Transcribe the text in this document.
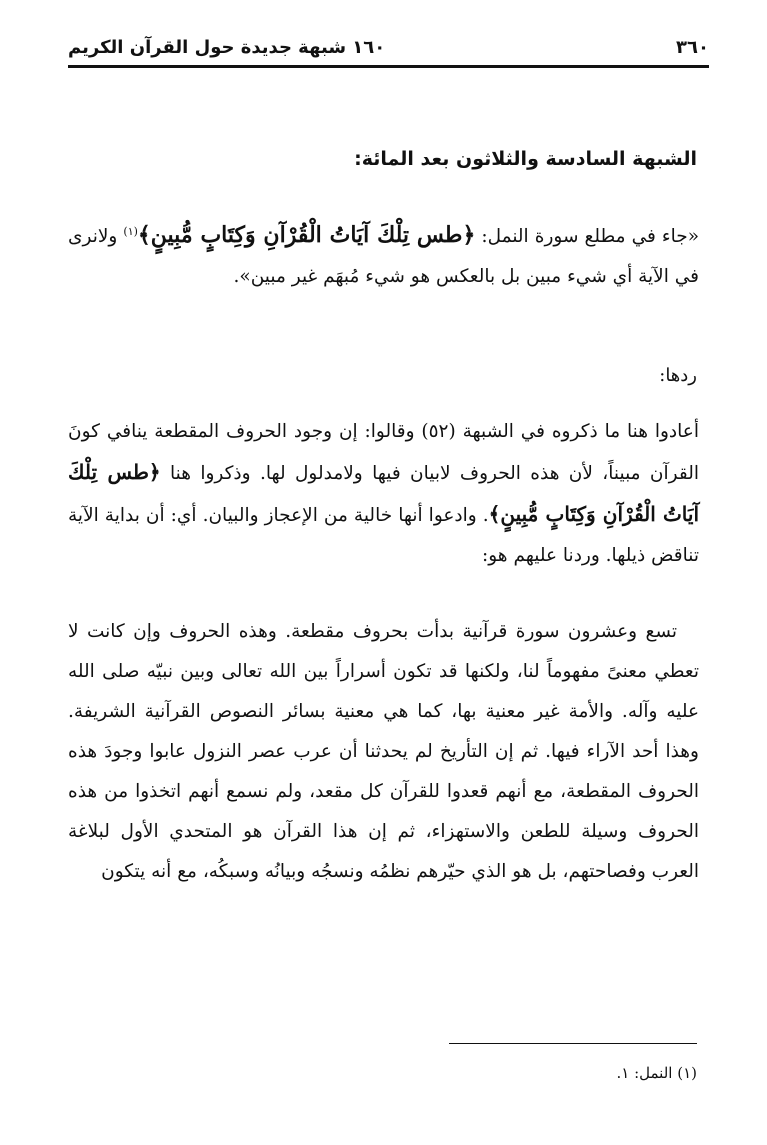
٣٦٠
١٦٠ شبهة جديدة حول القرآن الكريم
الشبهة السادسة والثلاثون بعد المائة:
«جاء في مطلع سورة النمل: ﴿طس تِلْكَ آيَاتُ الْقُرْآنِ وَكِتَابٍ مُّبِينٍ﴾$^{(١)}$ ولانرى في الآية أي شيء مبين بل بالعكس هو شيء مُبهَم غير مبين».
ردها:
أعادوا هنا ما ذكروه في الشبهة (٥٢) وقالوا: إن وجود الحروف المقطعة ينافي كونَ القرآن مبيناً، لأن هذه الحروف لابيان فيها ولامدلول لها. وذكروا هنا ﴿طس تِلْكَ آيَاتُ الْقُرْآنِ وَكِتَابٍ مُّبِينٍ﴾. وادعوا أنها خالية من الإعجاز والبيان. أي: أن بداية الآية تناقض ذيلها. وردنا عليهم هو:
تسع وعشرون سورة قرآنية بدأت بحروف مقطعة. وهذه الحروف وإن كانت لا تعطي معنىً مفهوماً لنا، ولكنها قد تكون أسراراً بين الله تعالى وبين نبيّه صلى الله عليه وآله. والأمة غير معنية بها، كما هي معنية بسائر النصوص القرآنية الشريفة. وهذا أحد الآراء فيها. ثم إن التأريخ لم يحدثنا أن عرب عصر النزول عابوا وجودَ هذه الحروف المقطعة، مع أنهم قعدوا للقرآن كل مقعد، ولم نسمع أنهم اتخذوا من هذه الحروف وسيلة للطعن والاستهزاء، ثم إن هذا القرآن هو المتحدي الأول لبلاغة العرب وفصاحتهم، بل هو الذي حيّرهم نظمُه ونسجُه وبيانُه وسبكُه، مع أنه يتكون
(١) النمل: ١.
